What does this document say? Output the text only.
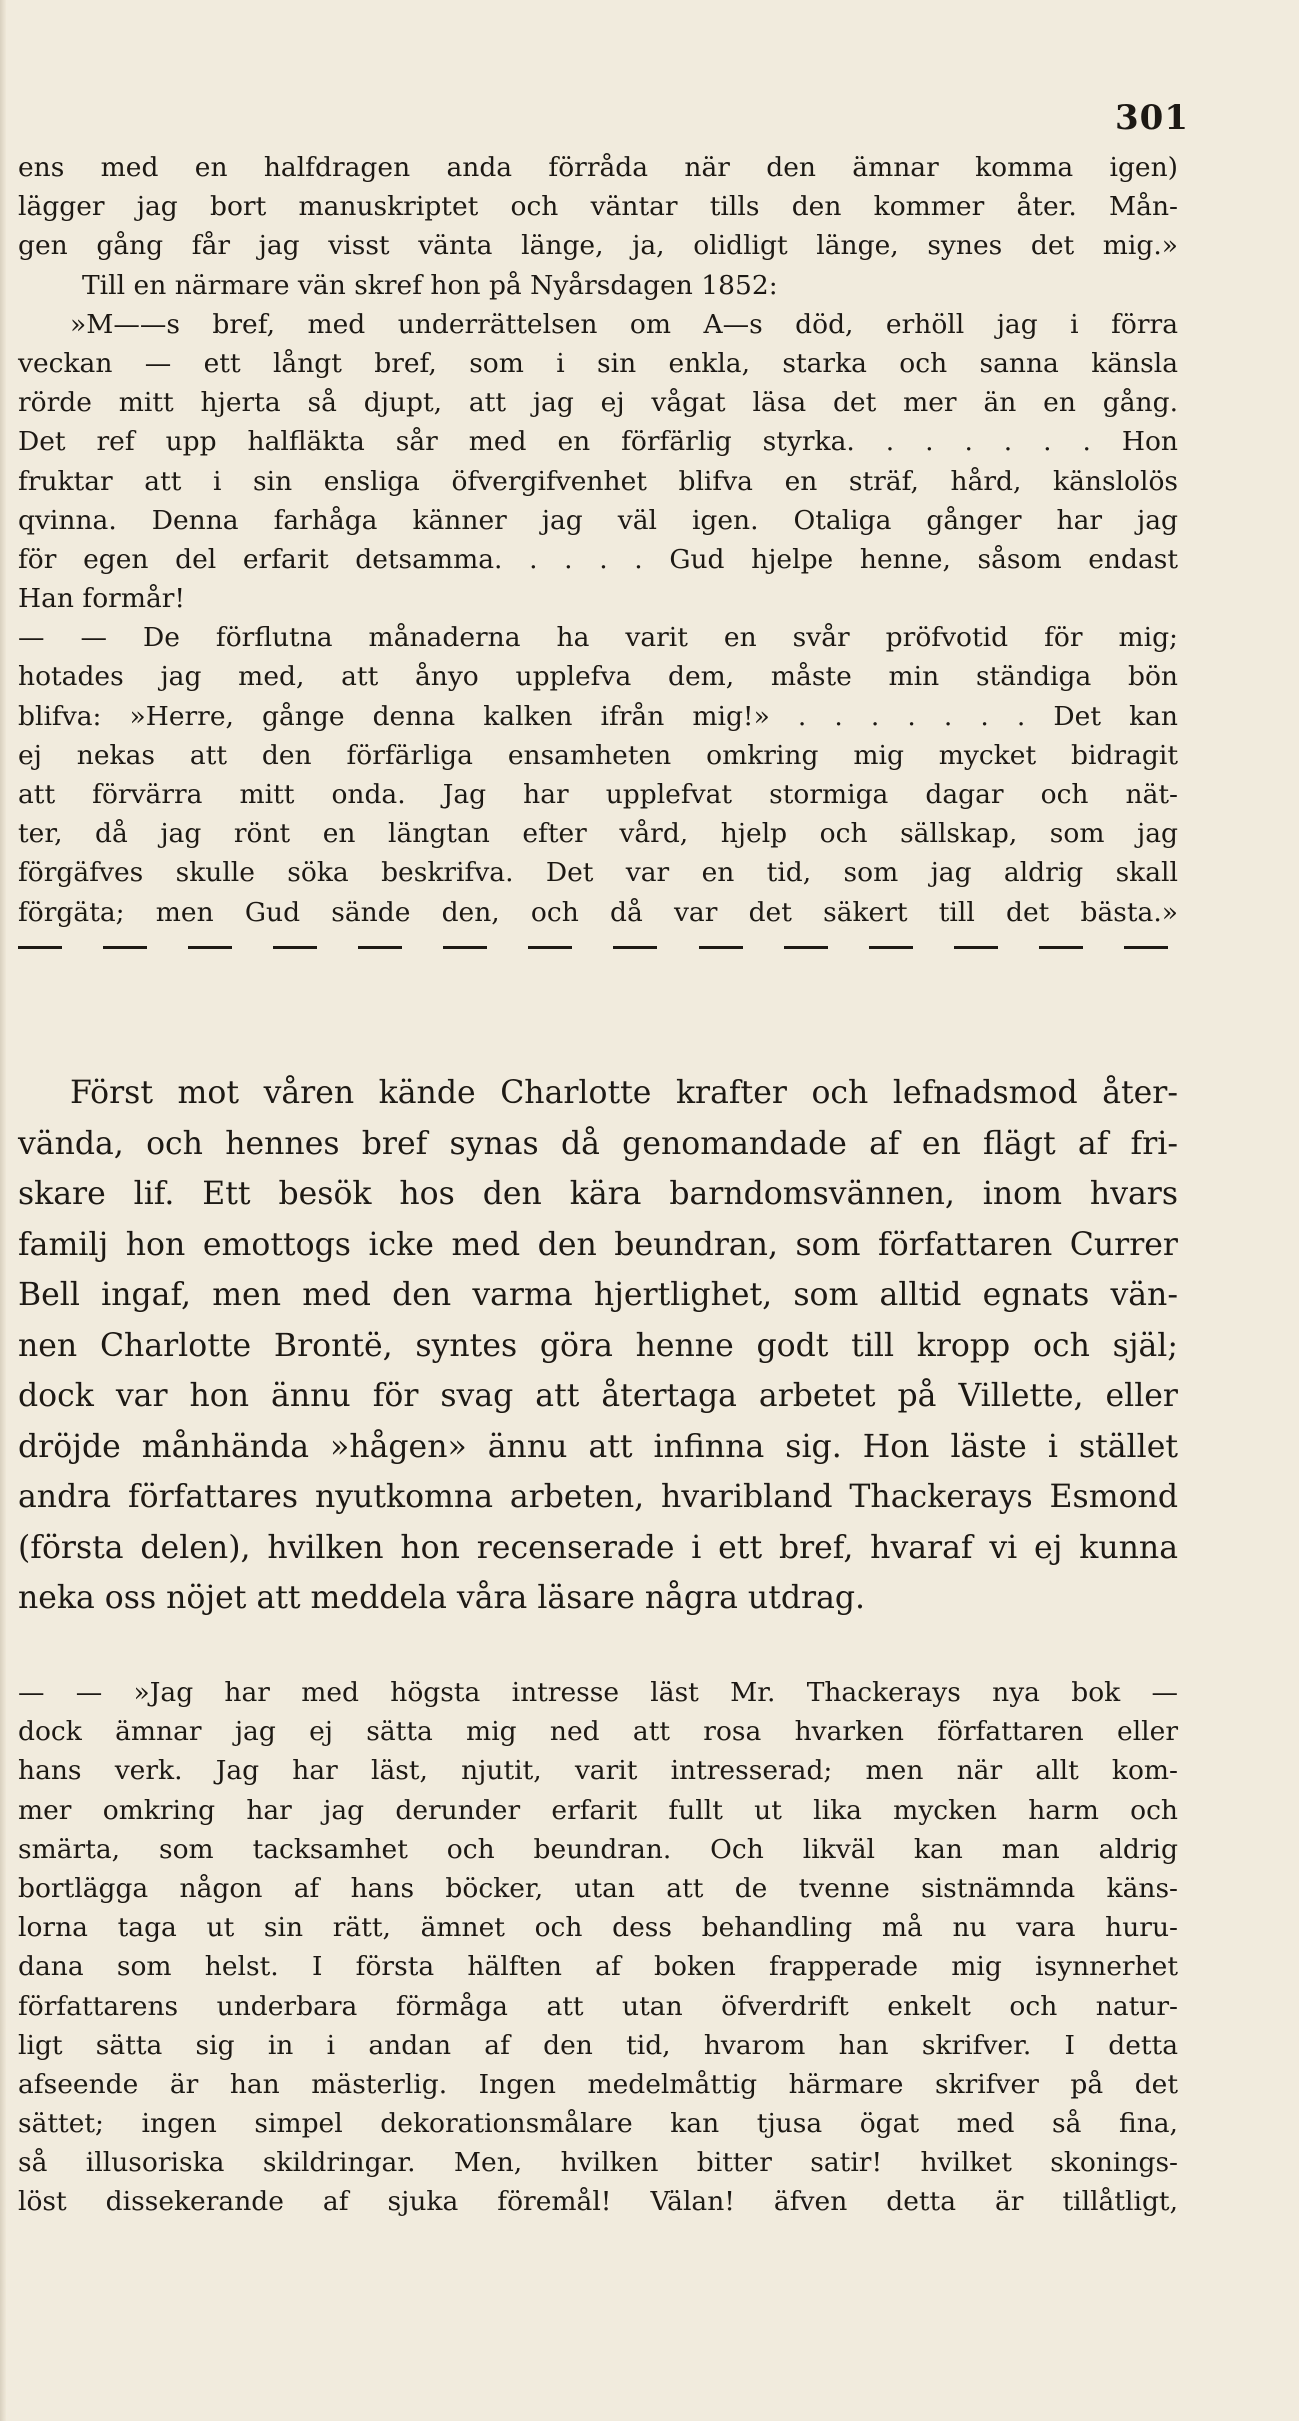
301
ens med en halfdragen anda förråda när den ämnar komma igen)
lägger jag bort manuskriptet och väntar tills den kommer åter. Mån-
gen gång får jag visst vänta länge, ja, olidligt länge, synes det mig.»
Till en närmare vän skref hon på Nyårsdagen 1852:
»M——s bref, med underrättelsen om A—s död, erhöll jag i förra
veckan — ett långt bref, som i sin enkla, starka och sanna känsla
rörde mitt hjerta så djupt, att jag ej vågat läsa det mer än en gång.
Det ref upp halfläkta sår med en förfärlig styrka. . . . . . . Hon
fruktar att i sin ensliga öfvergifvenhet blifva en sträf, hård, känslolös
qvinna. Denna farhåga känner jag väl igen. Otaliga gånger har jag
för egen del erfarit detsamma. . . . . Gud hjelpe henne, såsom endast
Han formår!
— — De förflutna månaderna ha varit en svår pröfvotid för mig;
hotades jag med, att ånyo upplefva dem, måste min ständiga bön
blifva: »Herre, gånge denna kalken ifrån mig!» . . . . . . . Det kan
ej nekas att den förfärliga ensamheten omkring mig mycket bidragit
att förvärra mitt onda. Jag har upplefvat stormiga dagar och nät-
ter, då jag rönt en längtan efter vård, hjelp och sällskap, som jag
förgäfves skulle söka beskrifva. Det var en tid, som jag aldrig skall
förgäta; men Gud sände den, och då var det säkert till det bästa.»
Först mot våren kände Charlotte krafter och lefnadsmod åter-
vända, och hennes bref synas då genomandade af en flägt af fri-
skare lif. Ett besök hos den kära barndomsvännen, inom hvars
familj hon emottogs icke med den beundran, som författaren Currer
Bell ingaf, men med den varma hjertlighet, som alltid egnats vän-
nen Charlotte Brontë, syntes göra henne godt till kropp och själ;
dock var hon ännu för svag att återtaga arbetet på Villette, eller
dröjde månhända »hågen» ännu att infinna sig. Hon läste i stället
andra författares nyutkomna arbeten, hvaribland Thackerays Esmond
(första delen), hvilken hon recenserade i ett bref, hvaraf vi ej kunna
neka oss nöjet att meddela våra läsare några utdrag.
— — »Jag har med högsta intresse läst Mr. Thackerays nya bok —
dock ämnar jag ej sätta mig ned att rosa hvarken författaren eller
hans verk. Jag har läst, njutit, varit intresserad; men när allt kom-
mer omkring har jag derunder erfarit fullt ut lika mycken harm och
smärta, som tacksamhet och beundran. Och likväl kan man aldrig
bortlägga någon af hans böcker, utan att de tvenne sistnämnda käns-
lorna taga ut sin rätt, ämnet och dess behandling må nu vara huru-
dana som helst. I första hälften af boken frapperade mig isynnerhet
författarens underbara förmåga att utan öfverdrift enkelt och natur-
ligt sätta sig in i andan af den tid, hvarom han skrifver. I detta
afseende är han mästerlig. Ingen medelmåttig härmare skrifver på det
sättet; ingen simpel dekorationsmålare kan tjusa ögat med så fina,
så illusoriska skildringar. Men, hvilken bitter satir! hvilket skonings-
löst dissekerande af sjuka föremål! Välan! äfven detta är tillåtligt,
